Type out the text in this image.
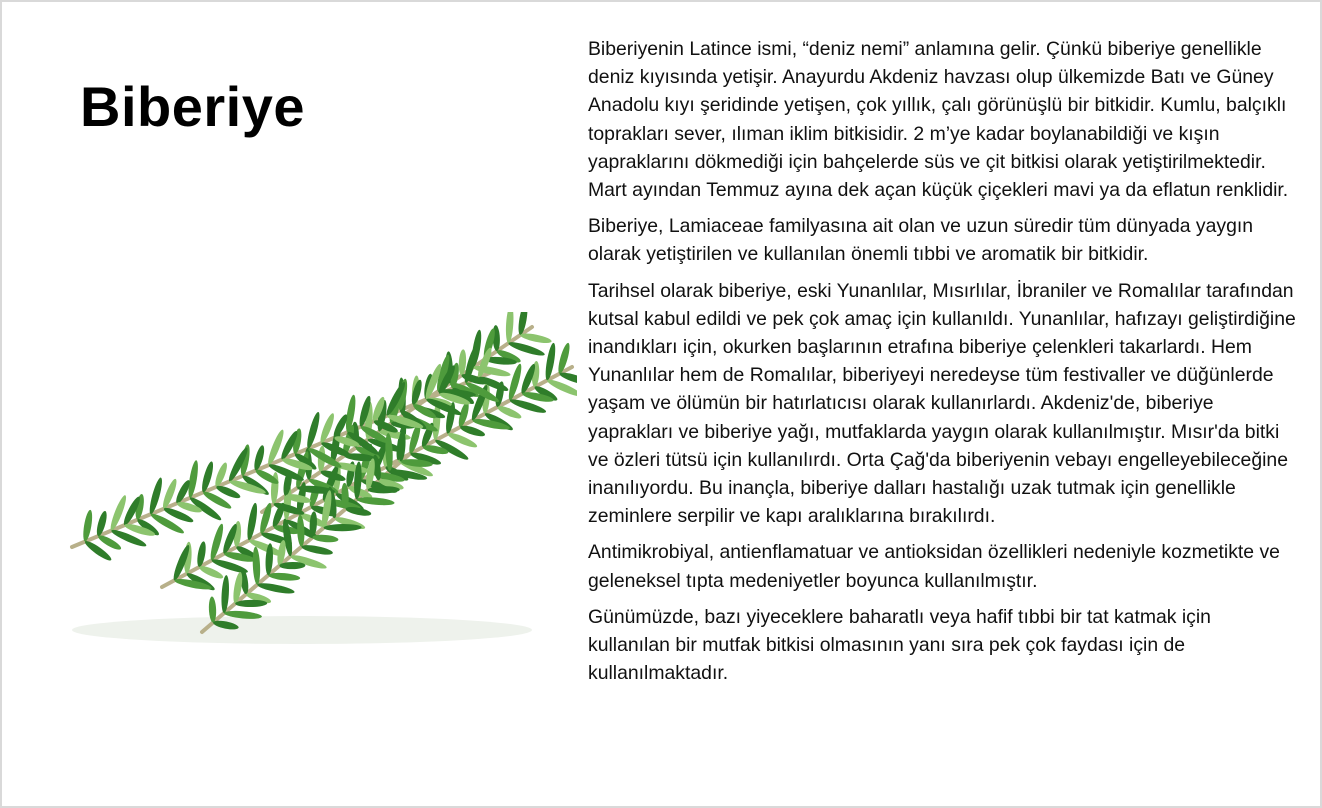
Biberiye

Biberiyenin Latince ismi, “deniz nemi” anlamına gelir. Çünkü biberiye genellikle deniz kıyısında yetişir. Anayurdu Akdeniz havzası olup ülkemizde Batı ve Güney Anadolu kıyı şeridinde yetişen, çok yıllık, çalı görünüşlü bir bitkidir. Kumlu, balçıklı toprakları sever, ılıman iklim bitkisidir. 2 m’ye kadar boylanabildiği ve kışın yapraklarını dökmediği için bahçelerde süs ve çit bitkisi olarak yetiştirilmektedir. Mart ayından Temmuz ayına dek açan küçük çiçekleri mavi ya da eflatun renklidir.

Biberiye, Lamiaceae familyasına ait olan ve uzun süredir tüm dünyada yaygın olarak yetiştirilen ve kullanılan önemli tıbbi ve aromatik bir bitkidir.

Tarihsel olarak biberiye, eski Yunanlılar, Mısırlılar, İbraniler ve Romalılar tarafından kutsal kabul edildi ve pek çok amaç için kullanıldı. Yunanlılar, hafızayı geliştirdiğine inandıkları için, okurken başlarının etrafına biberiye çelenkleri takarlardı. Hem Yunanlılar hem de Romalılar, biberiyeyi neredeyse tüm festivaller ve düğünlerde yaşam ve ölümün bir hatırlatıcısı olarak kullanırlardı. Akdeniz'de, biberiye yaprakları ve biberiye yağı, mutfaklarda yaygın olarak kullanılmıştır. Mısır'da bitki ve özleri tütsü için kullanılırdı. Orta Çağ'da biberiyenin vebayı engelleyebileceğine inanılıyordu. Bu inançla, biberiye dalları hastalığı uzak tutmak için genellikle zeminlere serpilir ve kapı aralıklarına bırakılırdı.

Antimikrobiyal, antienflamatuar ve antioksidan özellikleri nedeniyle kozmetikte ve geleneksel tıpta medeniyetler boyunca kullanılmıştır.

Günümüzde, bazı yiyeceklere baharatlı veya hafif tıbbi bir tat katmak için kullanılan bir mutfak bitkisi olmasının yanı sıra pek çok faydası için de kullanılmaktadır.
